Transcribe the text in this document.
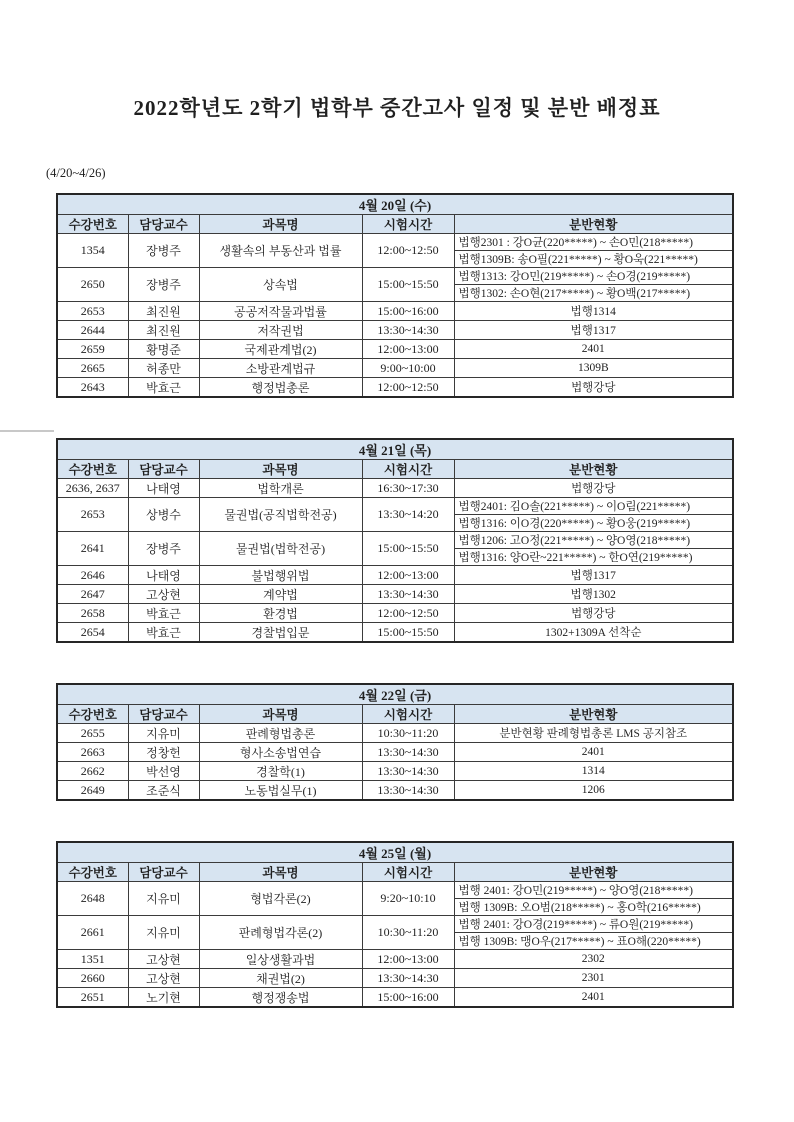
2022학년도 2학기 법학부 중간고사 일정 및 분반 배정표
(4/20~4/26)
4월 20일 (수)				
수강번호	담당교수	과목명	시험시간	분반현황
1354	장병주	생활속의 부동산과 법률	12:00~12:50	법행2301 : 강O균(220*****) ~ 손O민(218*****)
				법행1309B: 송O필(221*****) ~ 황O욱(221*****)
2650	장병주	상속법	15:00~15:50	법행1313: 강O민(219*****) ~ 손O경(219*****)
				법행1302: 손O현(217*****) ~ 황O백(217*****)
2653	최진원	공공저작물과법률	15:00~16:00	법행1314
2644	최진원	저작권법	13:30~14:30	법행1317
2659	황명준	국제관계법(2)	12:00~13:00	2401
2665	허종만	소방관계법규	9:00~10:00	1309B
2643	박효근	행정법총론	12:00~12:50	법행강당
4월 21일 (목)				
수강번호	담당교수	과목명	시험시간	분반현황
2636, 2637	나태영	법학개론	16:30~17:30	법행강당
2653	상병수	물권법(공직법학전공)	13:30~14:20	법행2401: 김O솔(221*****) ~ 이O림(221*****)
				법행1316: 이O경(220*****) ~ 황O웅(219*****)
2641	장병주	물권법(법학전공)	15:00~15:50	법행1206: 고O정(221*****) ~ 양O영(218*****)
				법행1316: 양O란~221*****) ~ 한O연(219*****)
2646	나태영	불법행위법	12:00~13:00	법행1317
2647	고상현	계약법	13:30~14:30	법행1302
2658	박효근	환경법	12:00~12:50	법행강당
2654	박효근	경찰법입문	15:00~15:50	1302+1309A 선착순
4월 22일 (금)				
수강번호	담당교수	과목명	시험시간	분반현황
2655	지유미	판례형법총론	10:30~11:20	분반현황 판례형법총론 LMS 공지참조
2663	정창헌	형사소송법연습	13:30~14:30	2401
2662	박선영	경찰학(1)	13:30~14:30	1314
2649	조준식	노동법실무(1)	13:30~14:30	1206
4월 25일 (월)				
수강번호	담당교수	과목명	시험시간	분반현황
2648	지유미	형법각론(2)	9:20~10:10	법행 2401: 강O민(219*****) ~ 양O영(218*****)
				법행 1309B: 오O범(218*****) ~ 홍O학(216*****)
2661	지유미	판례형법각론(2)	10:30~11:20	법행 2401: 강O경(219*****) ~ 류O원(219*****)
				법행 1309B: 맹O우(217*****) ~ 표O해(220*****)
1351	고상현	일상생활과법	12:00~13:00	2302
2660	고상현	채권법(2)	13:30~14:30	2301
2651	노기현	행정쟁송법	15:00~16:00	2401
